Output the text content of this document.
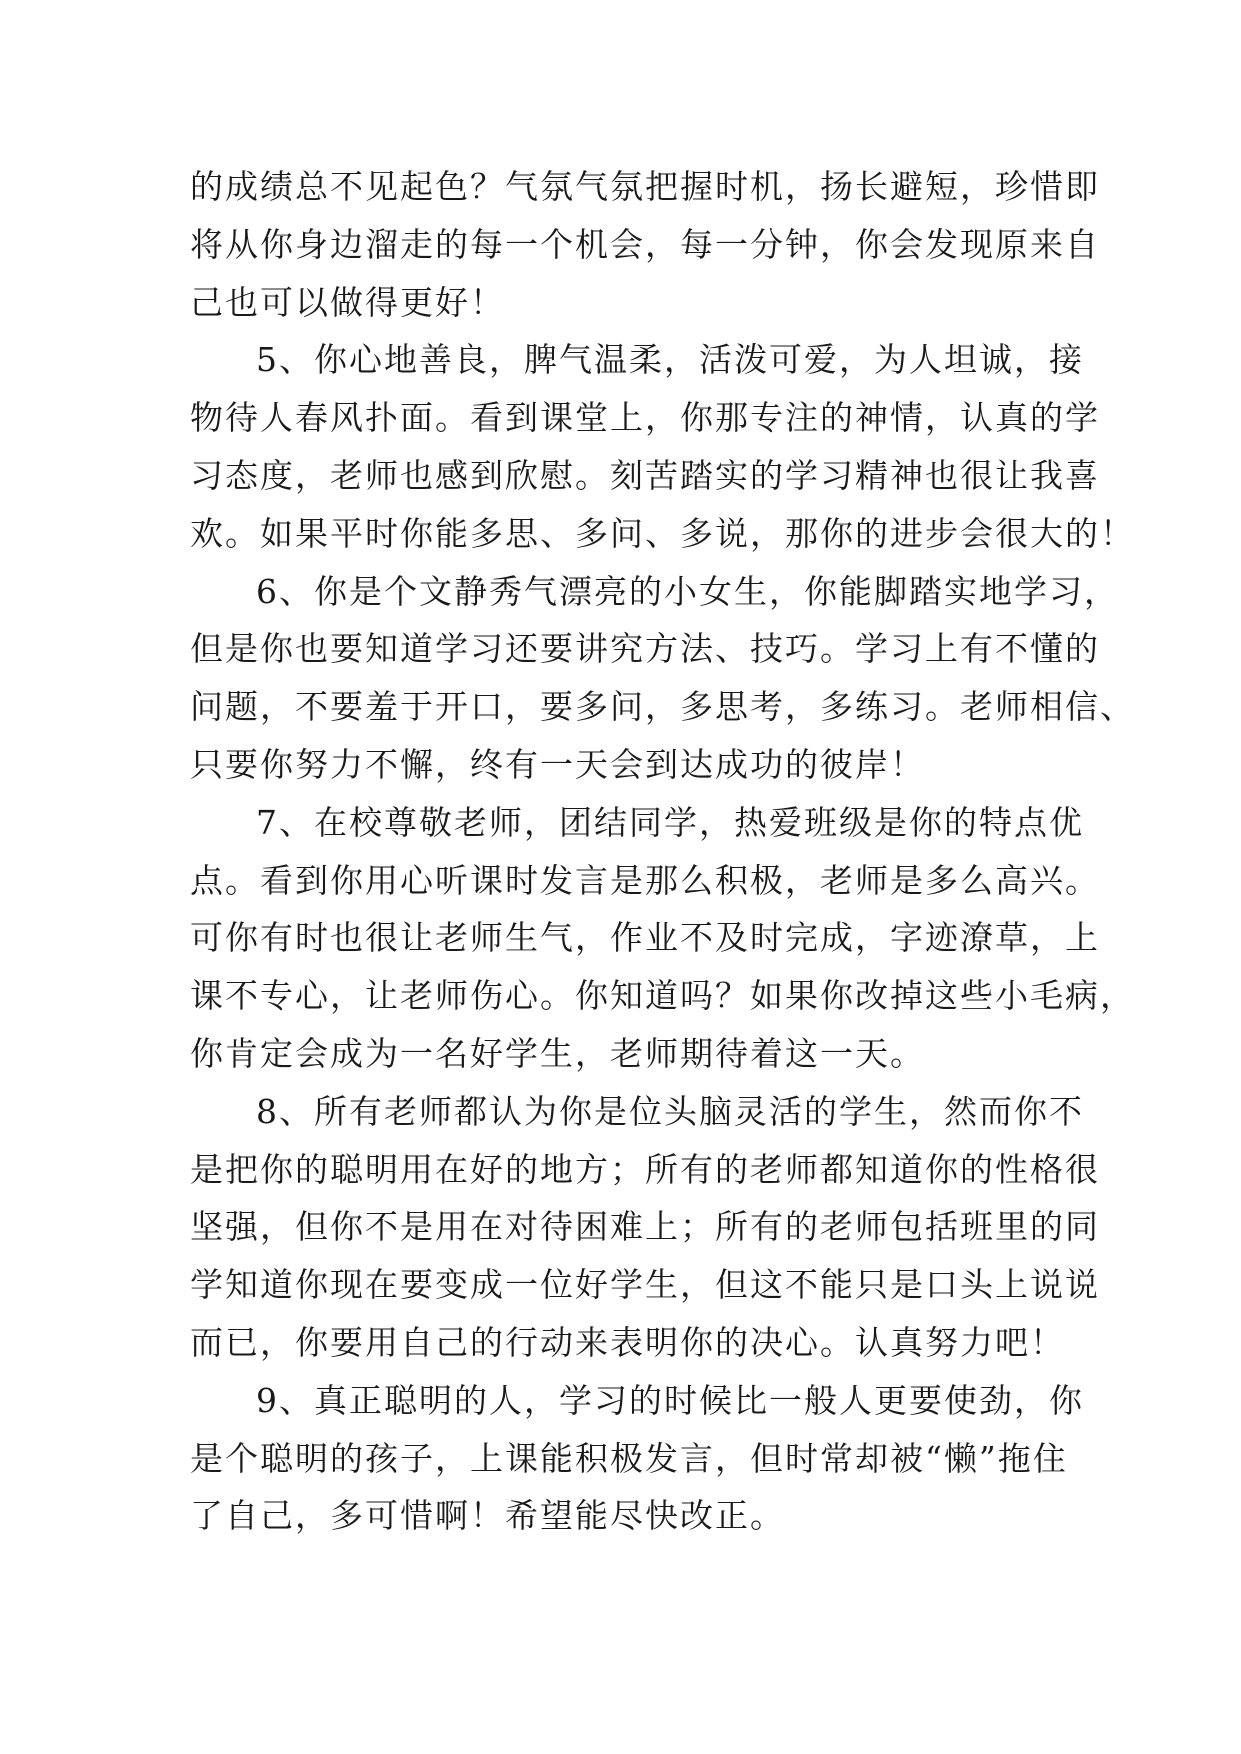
的成绩总不见起色？气氛气氛把握时机，扬长避短，珍惜即
将从你身边溜走的每一个机会，每一分钟，你会发现原来自
己也可以做得更好！
5、你心地善良，脾气温柔，活泼可爱，为人坦诚，接
物待人春风扑面。看到课堂上，你那专注的神情，认真的学
习态度，老师也感到欣慰。刻苦踏实的学习精神也很让我喜
欢。如果平时你能多思、多问、多说，那你的进步会很大的！
6、你是个文静秀气漂亮的小女生，你能脚踏实地学习，
但是你也要知道学习还要讲究方法、技巧。学习上有不懂的
问题，不要羞于开口，要多问，多思考，多练习。老师相信、
只要你努力不懈，终有一天会到达成功的彼岸！
7、在校尊敬老师，团结同学，热爱班级是你的特点优
点。看到你用心听课时发言是那么积极，老师是多么高兴。
可你有时也很让老师生气，作业不及时完成，字迹潦草，上
课不专心，让老师伤心。你知道吗？如果你改掉这些小毛病，
你肯定会成为一名好学生，老师期待着这一天。
8、所有老师都认为你是位头脑灵活的学生，然而你不
是把你的聪明用在好的地方；所有的老师都知道你的性格很
坚强，但你不是用在对待困难上；所有的老师包括班里的同
学知道你现在要变成一位好学生，但这不能只是口头上说说
而已，你要用自己的行动来表明你的决心。认真努力吧！
9、真正聪明的人，学习的时候比一般人更要使劲，你
是个聪明的孩子，上课能积极发言，但时常却被“懒”拖住
了自己，多可惜啊！希望能尽快改正。
